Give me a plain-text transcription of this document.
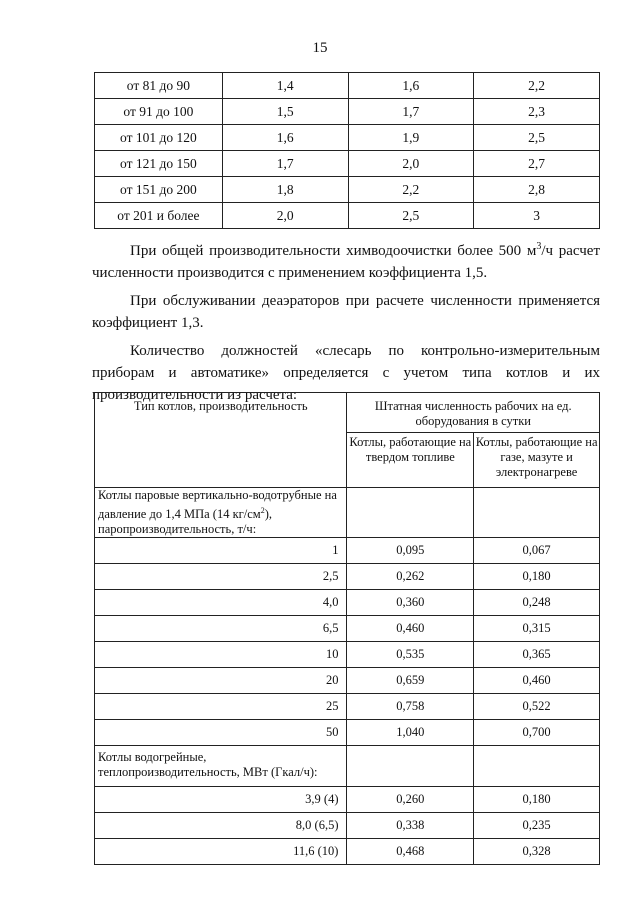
15
от 81 до 90	1,4	1,6	2,2
от 91 до 100	1,5	1,7	2,3
от 101 до 120	1,6	1,9	2,5
от 121 до 150	1,7	2,0	2,7
от 151 до 200	1,8	2,2	2,8
от 201 и более	2,0	2,5	3

При общей производительности химводоочистки более 500 $м^3/ч$ расчет численности производится с применением коэффициента 1,5.

При обслуживании деаэраторов при расчете численности применяется коэффициент 1,3.

Количество должностей «слесарь по контрольно-измерительным приборам и автоматике» определяется с учетом типа котлов и их производительности из расчета:

Тип котлов, производительность	Штатная численность рабочих на ед. оборудования в сутки	
	Котлы, работающие на твердом топливе	Котлы, работающие на газе, мазуте и электронагреве
Котлы паровые вертикально-водотрубные на давление до 1,4 МПа (14 $кг/см^2$), паропроизводительность, т/ч:		
1	0,095	0,067
2,5	0,262	0,180
4,0	0,360	0,248
6,5	0,460	0,315
10	0,535	0,365
20	0,659	0,460
25	0,758	0,522
50	1,040	0,700
Котлы водогрейные, теплопроизводительность, МВт (Гкал/ч):		
3,9 (4)	0,260	0,180
8,0 (6,5)	0,338	0,235
11,6 (10)	0,468	0,328
